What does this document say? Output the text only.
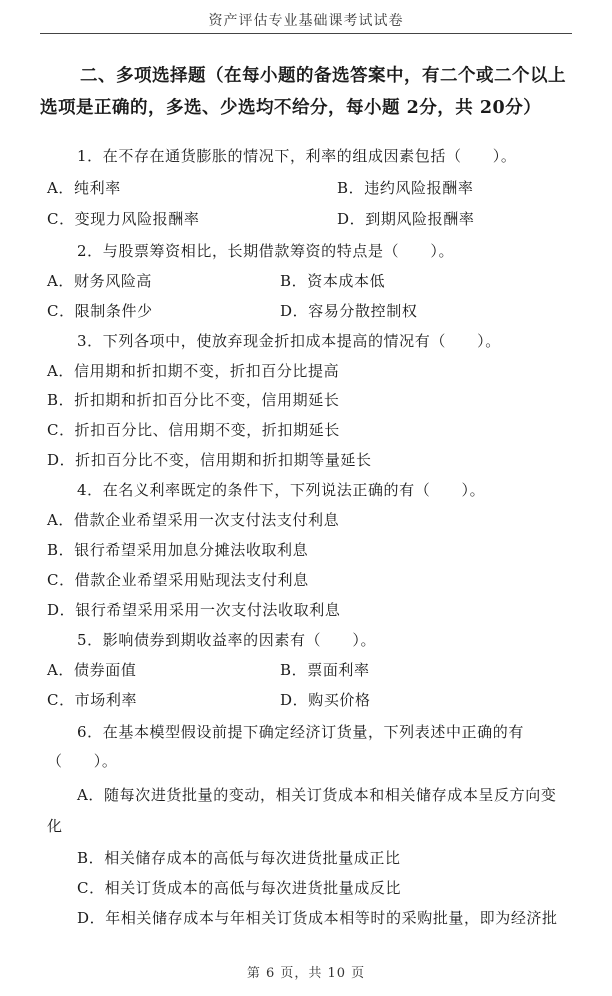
资产评估专业基础课考试试卷
二、多项选择题（在每小题的备选答案中，有二个或二个以上选项是正确的，多选、少选均不给分，每小题 2分，共 20分）
1．在不存在通货膨胀的情况下，利率的组成因素包括（　　）。
A．纯利率	B．违约风险报酬率
C．变现力风险报酬率	D．到期风险报酬率
2．与股票筹资相比，长期借款筹资的特点是（　　）。
A．财务风险高	B．资本成本低
C．限制条件少	D．容易分散控制权
3．下列各项中，使放弃现金折扣成本提高的情况有（　　）。
A．信用期和折扣期不变，折扣百分比提高
B．折扣期和折扣百分比不变，信用期延长
C．折扣百分比、信用期不变，折扣期延长
D．折扣百分比不变，信用期和折扣期等量延长
4．在名义利率既定的条件下，下列说法正确的有（　　）。
A．借款企业希望采用一次支付法支付利息
B．银行希望采用加息分摊法收取利息
C．借款企业希望采用贴现法支付利息
D．银行希望采用采用一次支付法收取利息
5．影响债券到期收益率的因素有（　　）。
A．债券面值	B．票面利率
C．市场利率	D．购买价格
6．在基本模型假设前提下确定经济订货量，下列表述中正确的有
（　　）。
A．随每次进货批量的变动，相关订货成本和相关储存成本呈反方向变
化
B．相关储存成本的高低与每次进货批量成正比
C．相关订货成本的高低与每次进货批量成反比
D．年相关储存成本与年相关订货成本相等时的采购批量，即为经济批
第 6 页，共 10 页
